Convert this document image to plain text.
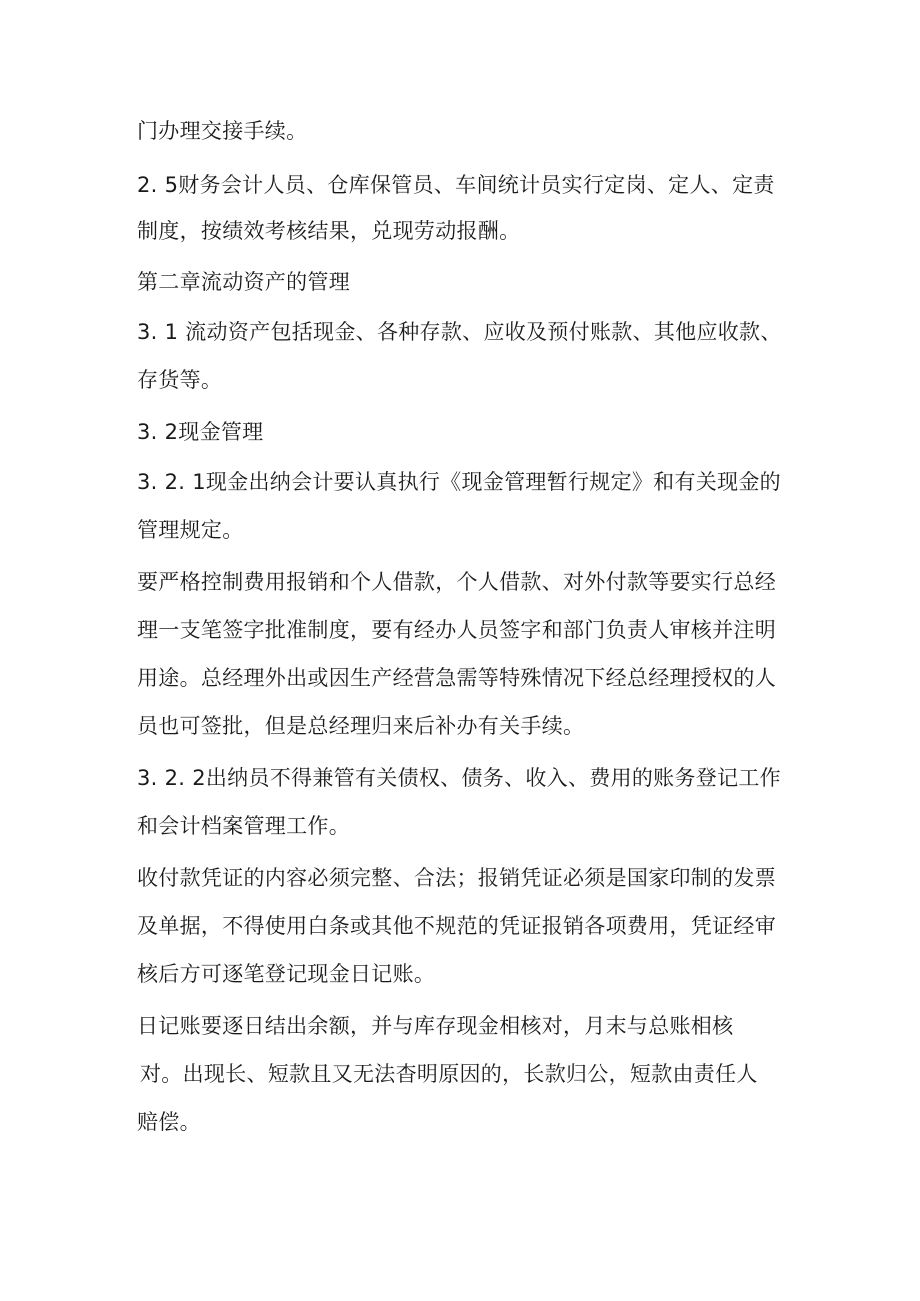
门办理交接手续。
2. 5财务会计人员、仓库保管员、车间统计员实行定岗、定人、定责
制度，按绩效考核结果，兑现劳动报酬。
第二章流动资产的管理
3. 1 流动资产包括现金、各种存款、应收及预付账款、其他应收款、
存货等。
3. 2现金管理
3. 2. 1现金出纳会计要认真执行《现金管理暂行规定》和有关现金的
管理规定。
要严格控制费用报销和个人借款，个人借款、对外付款等要实行总经
理一支笔签字批准制度，要有经办人员签字和部门负责人审核并注明
用途。总经理外出或因生产经营急需等特殊情况下经总经理授权的人
员也可签批，但是总经理归来后补办有关手续。
3. 2. 2出纳员不得兼管有关债权、债务、收入、费用的账务登记工作
和会计档案管理工作。
收付款凭证的内容必须完整、合法；报销凭证必须是国家印制的发票
及单据，不得使用白条或其他不规范的凭证报销各项费用，凭证经审
核后方可逐笔登记现金日记账。
日记账要逐日结出余额，并与库存现金相核对，月末与总账相核
对。出现长、短款且又无法杳明原因的，长款归公，短款由责任人
赔偿。
